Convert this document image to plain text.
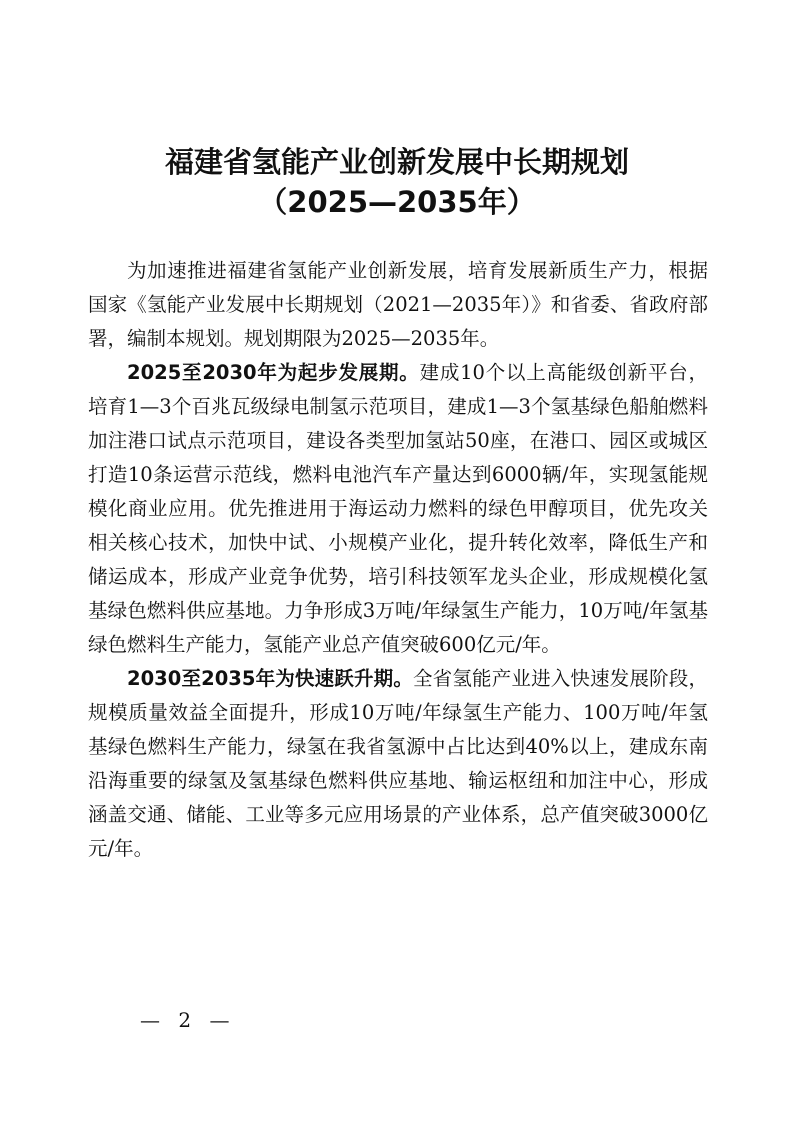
福建省氢能产业创新发展中长期规划
（2025—2035年）

为加速推进福建省氢能产业创新发展，培育发展新质生产力，根据国家《氢能产业发展中长期规划（2021—2035年）》和省委、省政府部署，编制本规划。规划期限为2025—2035年。

2025至2030年为起步发展期。建成10个以上高能级创新平台，培育1—3个百兆瓦级绿电制氢示范项目，建成1—3个氢基绿色船舶燃料加注港口试点示范项目，建设各类型加氢站50座，在港口、园区或城区打造10条运营示范线，燃料电池汽车产量达到6000辆/年，实现氢能规模化商业应用。优先推进用于海运动力燃料的绿色甲醇项目，优先攻关相关核心技术，加快中试、小规模产业化，提升转化效率，降低生产和储运成本，形成产业竞争优势，培引科技领军龙头企业，形成规模化氢基绿色燃料供应基地。力争形成3万吨/年绿氢生产能力，10万吨/年氢基绿色燃料生产能力，氢能产业总产值突破600亿元/年。

2030至2035年为快速跃升期。全省氢能产业进入快速发展阶段，规模质量效益全面提升，形成10万吨/年绿氢生产能力、100万吨/年氢基绿色燃料生产能力，绿氢在我省氢源中占比达到40%以上，建成东南沿海重要的绿氢及氢基绿色燃料供应基地、输运枢纽和加注中心，形成涵盖交通、储能、工业等多元应用场景的产业体系，总产值突破3000亿元/年。

— 2 —
